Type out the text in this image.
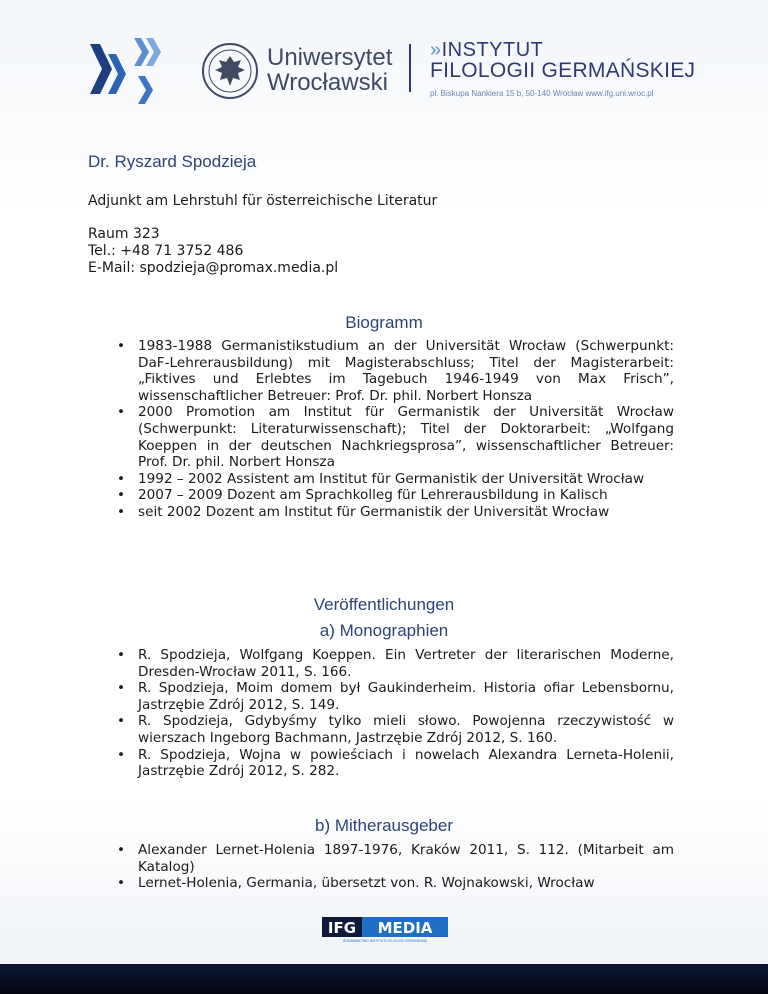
Uniwersytet
Wrocławski
»INSTYTUT
FILOLOGII GERMAŃSKIEJ
pl. Biskupa Nankiera 15 b, 50-140 Wrocław www.ifg.uni.wroc.pl
Dr. Ryszard Spodzieja
Adjunkt am Lehrstuhl für österreichische Literatur
Raum 323
Tel.: +48 71 3752 486
E-Mail: spodzieja@promax.media.pl
Biogramm
• 1983-1988 Germanistikstudium an der Universität Wrocław (Schwerpunkt: DaF-Lehrerausbildung) mit Magisterabschluss; Titel der Magisterarbeit: „Fiktives und Erlebtes im Tagebuch 1946-1949 von Max Frisch”, wissenschaftlicher Betreuer: Prof. Dr. phil. Norbert Honsza
• 2000 Promotion am Institut für Germanistik der Universität Wrocław (Schwerpunkt: Literaturwissenschaft); Titel der Doktorarbeit: „Wolfgang Koeppen in der deutschen Nachkriegsprosa”, wissenschaftlicher Betreuer: Prof. Dr. phil. Norbert Honsza
• 1992 – 2002 Assistent am Institut für Germanistik der Universität Wrocław
• 2007 – 2009 Dozent am Sprachkolleg für Lehrerausbildung in Kalisch
• seit 2002 Dozent am Institut für Germanistik der Universität Wrocław
Veröffentlichungen
a) Monographien
• R. Spodzieja, Wolfgang Koeppen. Ein Vertreter der literarischen Moderne, Dresden-Wrocław 2011, S. 166.
• R. Spodzieja, Moim domem był Gaukinderheim. Historia ofiar Lebensbornu, Jastrzębie Zdrój 2012, S. 149.
• R. Spodzieja, Gdybyśmy tylko mieli słowo. Powojenna rzeczywistość w wierszach Ingeborg Bachmann, Jastrzębie Zdrój 2012, S. 160.
• R. Spodzieja, Wojna w powieściach i nowelach Alexandra Lerneta-Holenii, Jastrzębie Zdrój 2012, S. 282.
b) Mitherausgeber
• Alexander Lernet-Holenia 1897-1976, Kraków 2011, S. 112. (Mitarbeit am Katalog)
• Lernet-Holenia, Germania, übersetzt von. R. Wojnakowski, Wrocław
IFG MEDIA
WYDAWNICTWO INSTYTUTU FILOLOGII GERMAŃSKIEJ
